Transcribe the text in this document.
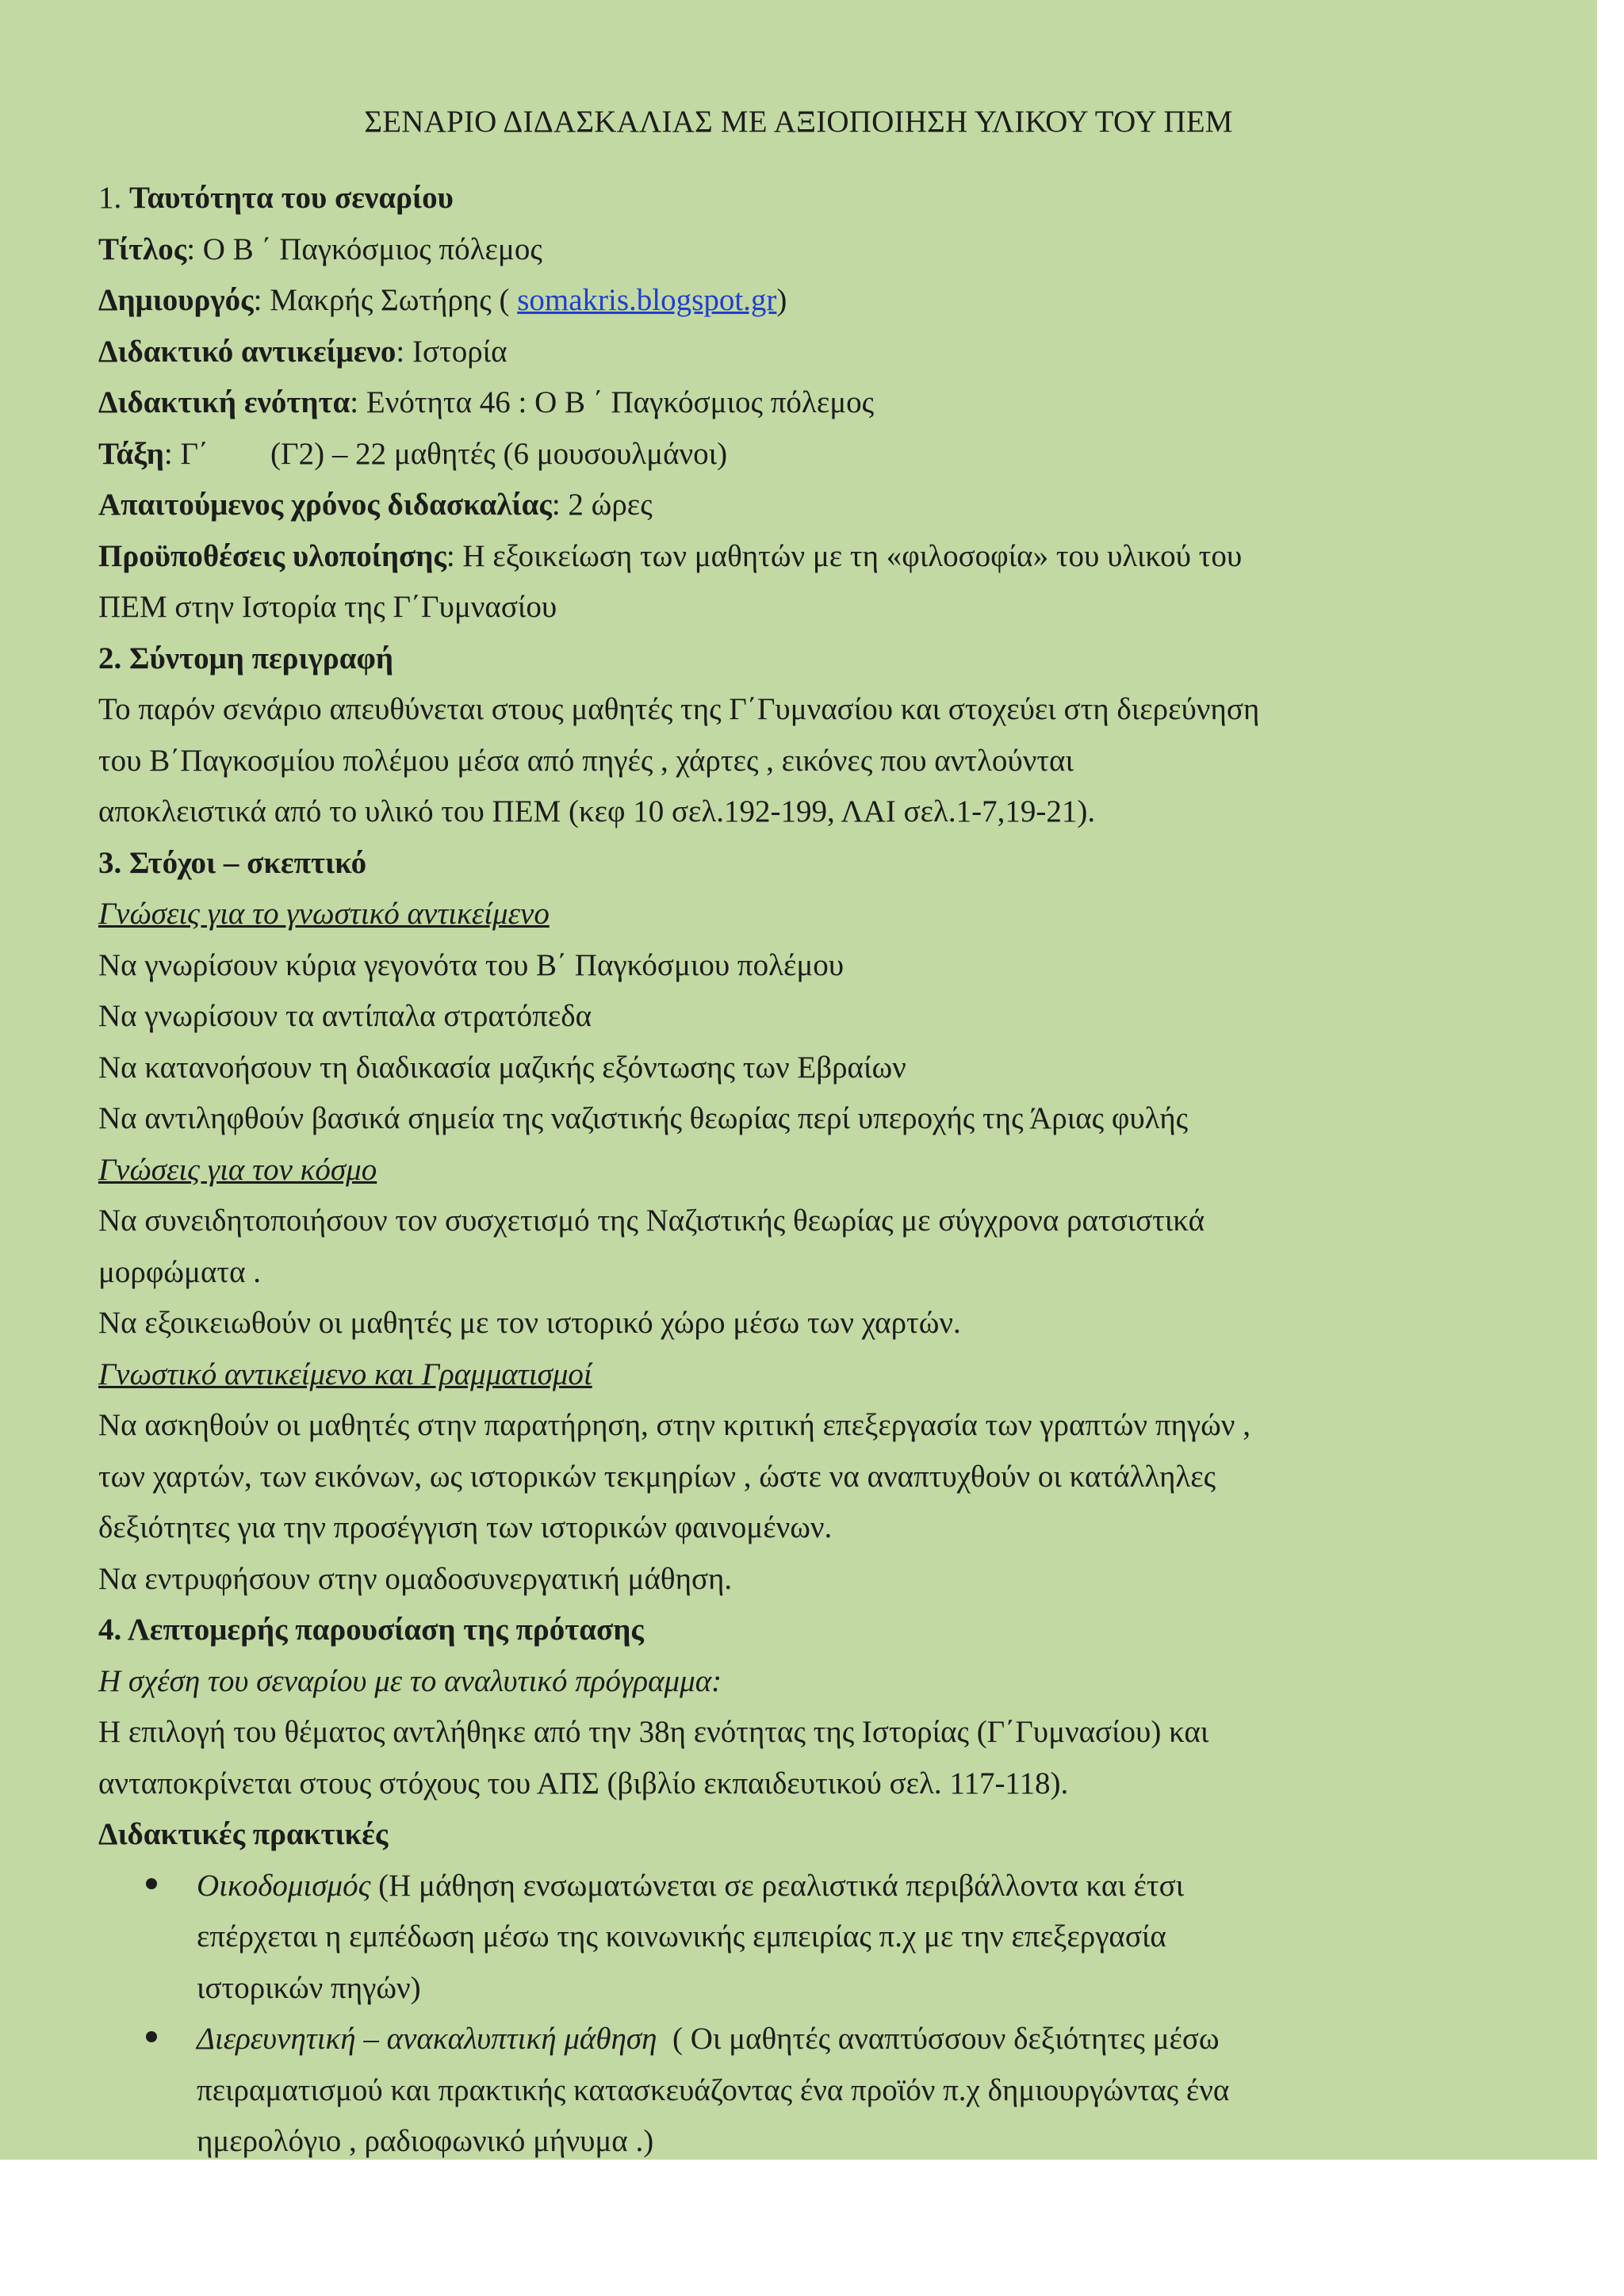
ΣΕΝΑΡΙΟ ΔΙΔΑΣΚΑΛΙΑΣ ΜΕ ΑΞΙΟΠΟΙΗΣΗ ΥΛΙΚΟΥ ΤΟΥ ΠΕΜ
1. Ταυτότητα του σεναρίου
Τίτλος: Ο Β ΄ Παγκόσμιος πόλεμος
Δημιουργός: Μακρής Σωτήρης ( somakris.blogspot.gr)
Διδακτικό αντικείμενο: Ιστορία
Διδακτική ενότητα: Ενότητα 46 : Ο Β ΄ Παγκόσμιος πόλεμος
Τάξη: Γ΄        (Γ2) – 22 μαθητές (6 μουσουλμάνοι)
Απαιτούμενος χρόνος διδασκαλίας: 2 ώρες
Προϋποθέσεις υλοποίησης: Η εξοικείωση των μαθητών με τη «φιλοσοφία» του υλικού του
ΠΕΜ στην Ιστορία της Γ΄Γυμνασίου
2. Σύντομη περιγραφή
Το παρόν σενάριο απευθύνεται στους μαθητές της Γ΄Γυμνασίου και στοχεύει στη διερεύνηση
του Β΄Παγκοσμίου πολέμου μέσα από πηγές , χάρτες , εικόνες που αντλούνται
αποκλειστικά από το υλικό του ΠΕΜ (κεφ 10 σελ.192-199, ΛΑΙ σελ.1-7,19-21).
3. Στόχοι – σκεπτικό
Γνώσεις για το γνωστικό αντικείμενο
Να γνωρίσουν κύρια γεγονότα του Β΄ Παγκόσμιου πολέμου
Να γνωρίσουν τα αντίπαλα στρατόπεδα
Να κατανοήσουν τη διαδικασία μαζικής εξόντωσης των Εβραίων
Να αντιληφθούν βασικά σημεία της ναζιστικής θεωρίας περί υπεροχής της Άριας φυλής
Γνώσεις για τον κόσμο
Να συνειδητοποιήσουν τον συσχετισμό της Ναζιστικής θεωρίας με σύγχρονα ρατσιστικά
μορφώματα .
Να εξοικειωθούν οι μαθητές με τον ιστορικό χώρο μέσω των χαρτών.
Γνωστικό αντικείμενο και Γραμματισμοί
Να ασκηθούν οι μαθητές στην παρατήρηση, στην κριτική επεξεργασία των γραπτών πηγών ,
των χαρτών, των εικόνων, ως ιστορικών τεκμηρίων , ώστε να αναπτυχθούν οι κατάλληλες
δεξιότητες για την προσέγγιση των ιστορικών φαινομένων.
Να εντρυφήσουν στην ομαδοσυνεργατική μάθηση.
4. Λεπτομερής παρουσίαση της πρότασης
Η σχέση του σεναρίου με το αναλυτικό πρόγραμμα:
Η επιλογή του θέματος αντλήθηκε από την 38η ενότητας της Ιστορίας (Γ΄Γυμνασίου) και
ανταποκρίνεται στους στόχους του ΑΠΣ (βιβλίο εκπαιδευτικού σελ. 117-118).
Διδακτικές πρακτικές
Οικοδομισμός (Η μάθηση ενσωματώνεται σε ρεαλιστικά περιβάλλοντα και έτσι
επέρχεται η εμπέδωση μέσω της κοινωνικής εμπειρίας π.χ με την επεξεργασία
ιστορικών πηγών)
Διερευνητική – ανακαλυπτική μάθηση  ( Οι μαθητές αναπτύσσουν δεξιότητες μέσω
πειραματισμού και πρακτικής κατασκευάζοντας ένα προϊόν π.χ δημιουργώντας ένα
ημερολόγιο , ραδιοφωνικό μήνυμα .)
